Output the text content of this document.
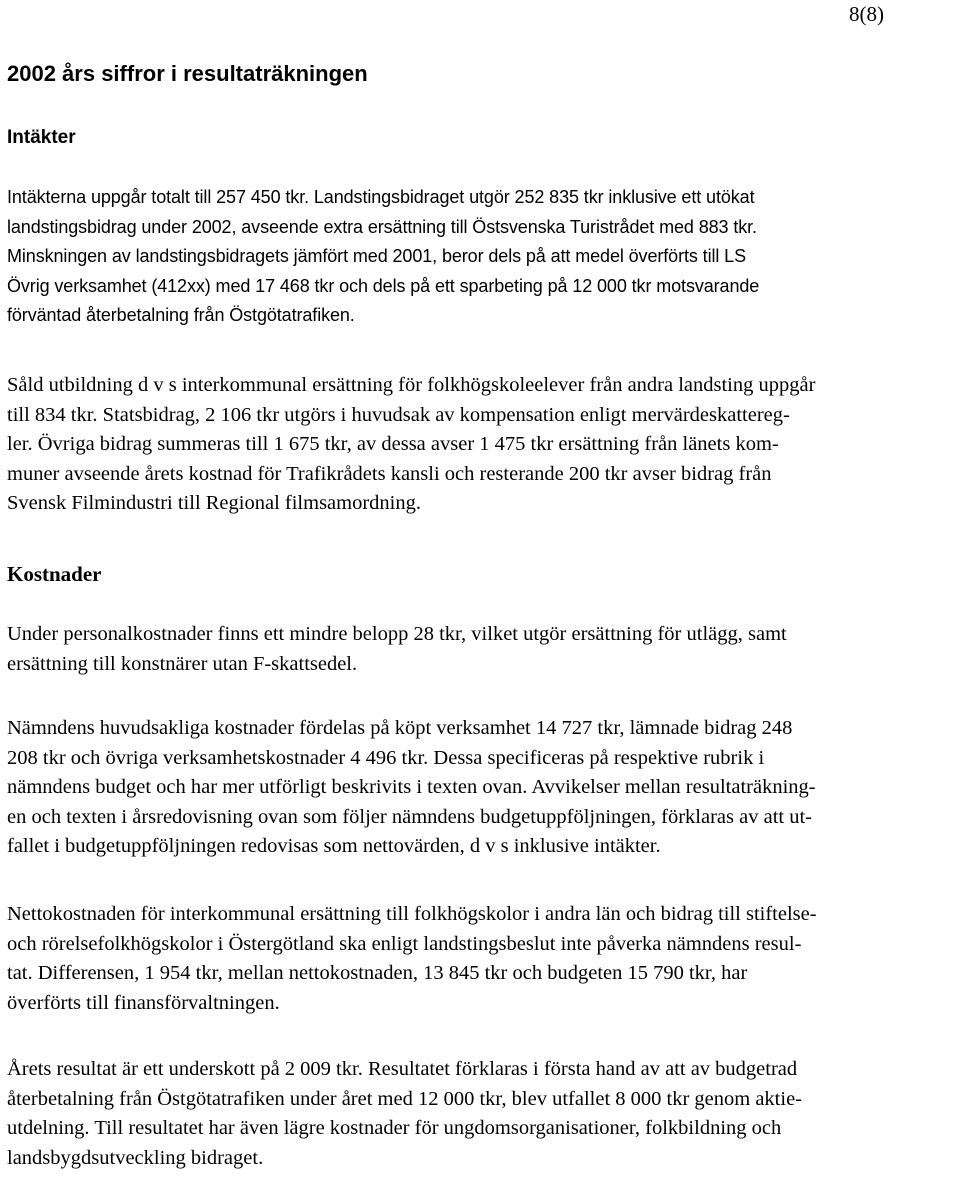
8(8)
2002 års siffror i resultaträkningen
Intäkter

Intäkterna uppgår totalt till 257 450 tkr. Landstingsbidraget utgör 252 835 tkr inklusive ett utökat
landstingsbidrag under 2002, avseende extra ersättning till Östsvenska Turistrådet med 883 tkr.
Minskningen av landstingsbidragets jämfört med 2001, beror dels på att medel överförts till LS
Övrig verksamhet (412xx) med 17 468 tkr och dels på ett sparbeting på 12 000 tkr motsvarande
förväntad återbetalning från Östgötatrafiken.

Såld utbildning d v s interkommunal ersättning för folkhögskoleelever från andra landsting uppgår
till 834 tkr. Statsbidrag, 2 106 tkr utgörs i huvudsak av kompensation enligt mervärdeskattereg-
ler. Övriga bidrag summeras till 1 675 tkr, av dessa avser 1 475 tkr ersättning från länets kom-
muner avseende årets kostnad för Trafikrådets kansli och resterande 200 tkr avser bidrag från
Svensk Filmindustri till Regional filmsamordning.

Kostnader

Under personalkostnader finns ett mindre belopp 28 tkr, vilket utgör ersättning för utlägg, samt
ersättning till konstnärer utan F-skattsedel.

Nämndens huvudsakliga kostnader fördelas på köpt verksamhet 14 727 tkr, lämnade bidrag 248
208 tkr och övriga verksamhetskostnader 4 496 tkr. Dessa specificeras på respektive rubrik i
nämndens budget och har mer utförligt beskrivits i texten ovan. Avvikelser mellan resultaträkning-
en och texten i årsredovisning ovan som följer nämndens budgetuppföljningen, förklaras av att ut-
fallet i budgetuppföljningen redovisas som nettovärden, d v s inklusive intäkter.

Nettokostnaden för interkommunal ersättning till folkhögskolor i andra län och bidrag till stiftelse-
och rörelsefolkhögskolor i Östergötland ska enligt landstingsbeslut inte påverka nämndens resul-
tat. Differensen, 1 954 tkr, mellan nettokostnaden, 13 845 tkr och budgeten 15 790 tkr, har
överförts till finansförvaltningen.

Årets resultat är ett underskott på 2 009 tkr. Resultatet förklaras i första hand av att av budgetrad
återbetalning från Östgötatrafiken under året med 12 000 tkr, blev utfallet 8 000 tkr genom aktie-
utdelning. Till resultatet har även lägre kostnader för ungdomsorganisationer, folkbildning och
landsbygdsutveckling bidraget.
